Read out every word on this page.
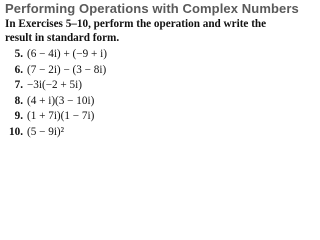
Performing Operations with Complex Numbers
In Exercises 5–10, perform the operation and write the result in standard form.
5. (6 − 4i) + (−9 + i)
6. (7 − 2i) − (3 − 8i)
7. −3i(−2 + 5i)
8. (4 + i)(3 − 10i)
9. (1 + 7i)(1 − 7i)
10. (5 − 9i)²
